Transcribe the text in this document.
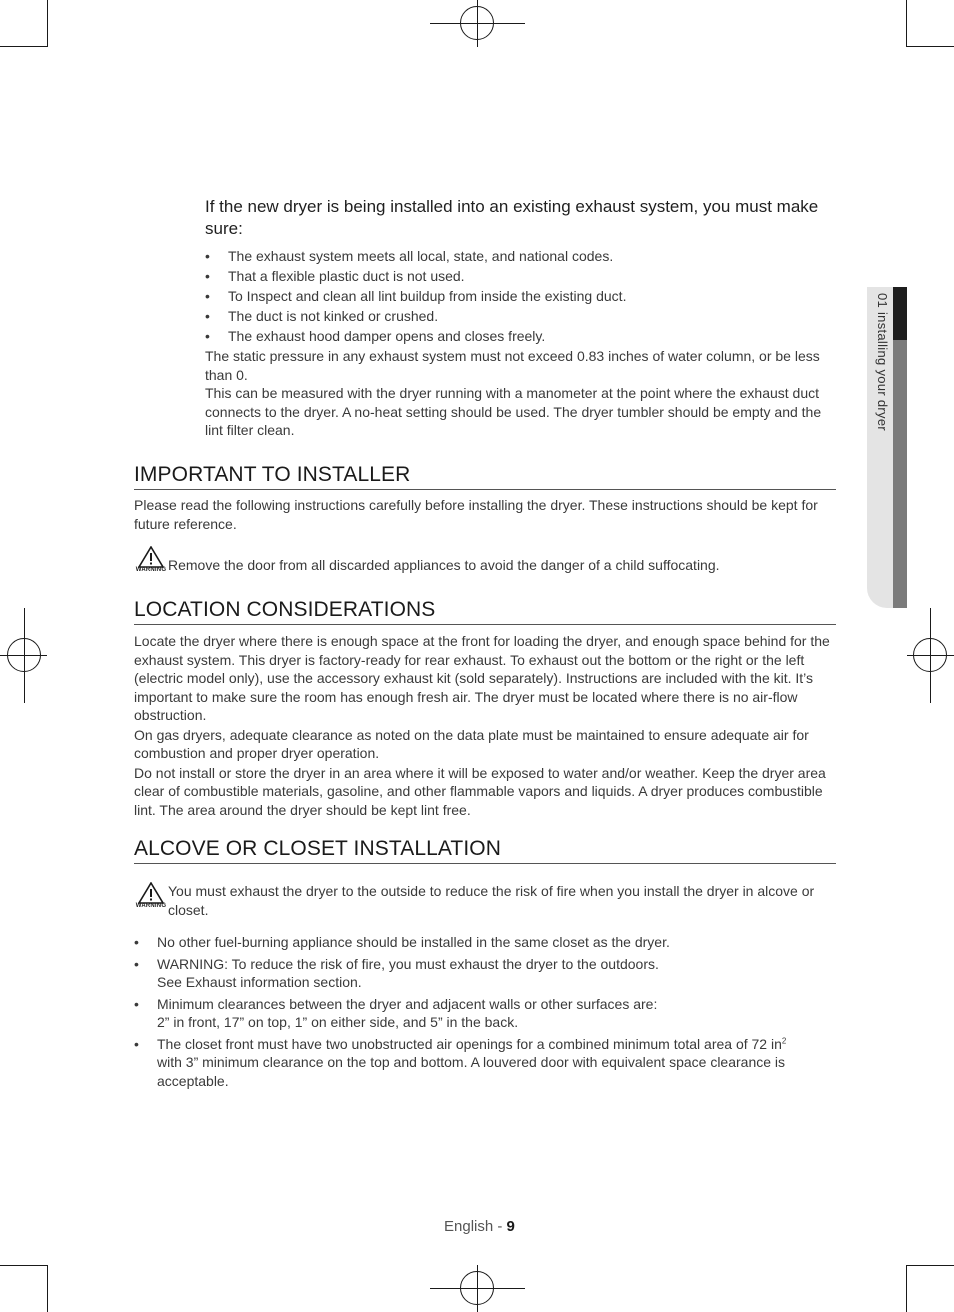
01 installing your dryer

If the new dryer is being installed into an existing exhaust system, you must make sure:

• The exhaust system meets all local, state, and national codes.
• That a flexible plastic duct is not used.
• To Inspect and clean all lint buildup from inside the existing duct.
• The duct is not kinked or crushed.
• The exhaust hood damper opens and closes freely.

The static pressure in any exhaust system must not exceed 0.83 inches of water column, or be less than 0.

This can be measured with the dryer running with a manometer at the point where the exhaust duct connects to the dryer. A no-heat setting should be used. The dryer tumbler should be empty and the lint filter clean.

IMPORTANT TO INSTALLER

Please read the following instructions carefully before installing the dryer. These instructions should be kept for future reference.

WARNING Remove the door from all discarded appliances to avoid the danger of a child suffocating.
LOCATION CONSIDERATIONS

Locate the dryer where there is enough space at the front for loading the dryer, and enough space behind for the exhaust system. This dryer is factory-ready for rear exhaust. To exhaust out the bottom or the right or the left (electric model only), use the accessory exhaust kit (sold separately). Instructions are included with the kit. It’s important to make sure the room has enough fresh air. The dryer must be located where there is no air-flow obstruction.

On gas dryers, adequate clearance as noted on the data plate must be maintained to ensure adequate air for combustion and proper dryer operation.

Do not install or store the dryer in an area where it will be exposed to water and/or weather. Keep the dryer area clear of combustible materials, gasoline, and other flammable vapors and liquids. A dryer produces combustible lint. The area around the dryer should be kept lint free.

ALCOVE OR CLOSET INSTALLATION
WARNING
You must exhaust the dryer to the outside to reduce the risk of fire when you install the dryer in alcove or closet.
• No other fuel-burning appliance should be installed in the same closet as the dryer.
• WARNING: To reduce the risk of fire, you must exhaust the dryer to the outdoors.
See Exhaust information section.
• Minimum clearances between the dryer and adjacent walls or other surfaces are:
2” in front, 17” on top, 1” on either side, and 5” in the back.
• The closet front must have two unobstructed air openings for a combined minimum total area of 72 $in^2$
with 3” minimum clearance on the top and bottom. A louvered door with equivalent space clearance is acceptable.
English - 9
